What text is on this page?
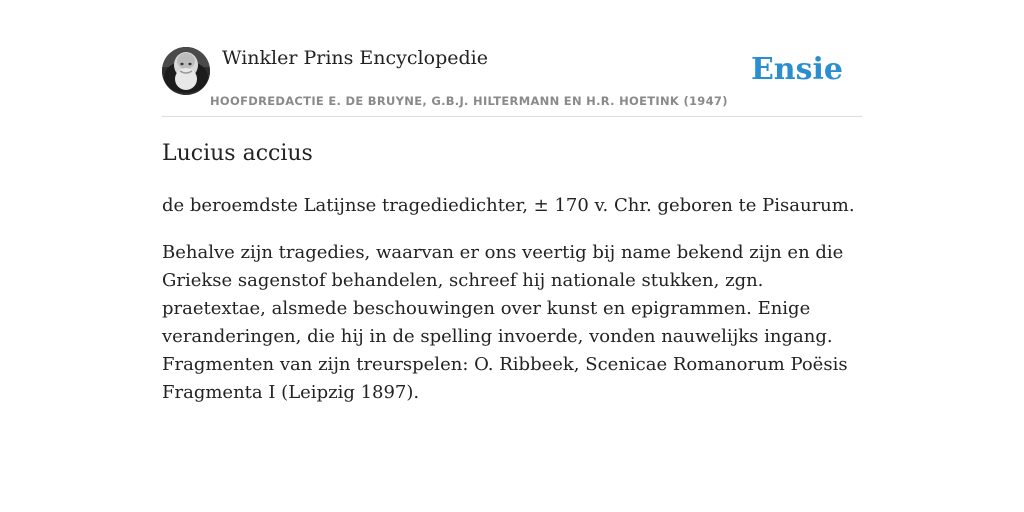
Winkler Prins Encyclopedie
HOOFDREDACTIE E. DE BRUYNE, G.B.J. HILTERMANN EN H.R. HOETINK (1947)
Ensie
Lucius accius

de beroemdste Latijnse tragediedichter, ± 170 v. Chr. geboren te Pisaurum.

Behalve zijn tragedies, waarvan er ons veertig bij name bekend zijn en die Griekse sagenstof behandelen, schreef hij nationale stukken, zgn. praetextae, alsmede beschouwingen over kunst en epigrammen. Enige veranderingen, die hij in de spelling invoerde, vonden nauwelijks ingang. Fragmenten van zijn treurspelen: O. Ribbeek, Scenicae Romanorum Poësis Fragmenta I (Leipzig 1897).
